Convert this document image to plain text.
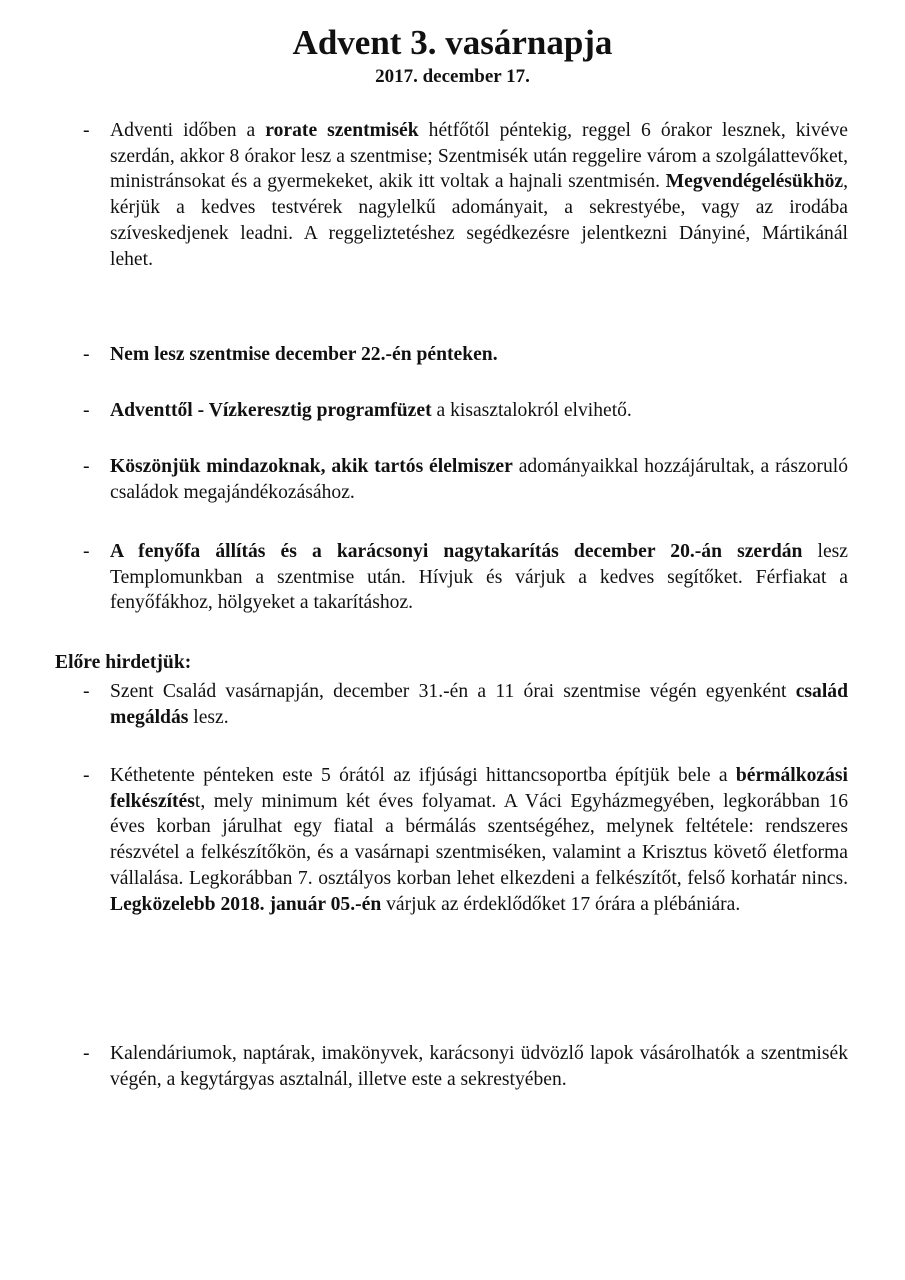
Advent 3. vasárnapja
2017. december 17.
- Adventi időben a rorate szentmisék hétfőtől péntekig, reggel 6 órakor lesznek, kivéve szerdán, akkor 8 órakor lesz a szentmise; Szentmisék után reggelire várom a szolgálattevőket, ministránsokat és a gyermekeket, akik itt voltak a hajnali szentmisén. Megvendégelésükhöz, kérjük a kedves testvérek nagylelkű adományait, a sekrestyébe, vagy az irodába szíveskedjenek leadni. A reggeliztetéshez segédkezésre jelentkezni Dányiné, Mártikánál lehet.
- Nem lesz szentmise december 22.-én pénteken.
- Adventtől - Vízkeresztig programfüzet a kisasztalokról elvihető.
- Köszönjük mindazoknak, akik tartós élelmiszer adományaikkal hozzájárultak, a rászoruló családok megajándékozásához.
- A fenyőfa állítás és a karácsonyi nagytakarítás december 20.-án szerdán lesz Templomunkban a szentmise után. Hívjuk és várjuk a kedves segítőket. Férfiakat a fenyőfákhoz, hölgyeket a takarításhoz.
Előre hirdetjük:
- Szent Család vasárnapján, december 31.-én a 11 órai szentmise végén egyenként család megáldás lesz.
- Kéthetente pénteken este 5 órától az ifjúsági hittancsoportba építjük bele a bérmálkozási felkészítést, mely minimum két éves folyamat. A Váci Egyházmegyében, legkorábban 16 éves korban járulhat egy fiatal a bérmálás szentségéhez, melynek feltétele: rendszeres részvétel a felkészítőkön, és a vasárnapi szentmiséken, valamint a Krisztus követő életforma vállalása. Legkorábban 7. osztályos korban lehet elkezdeni a felkészítőt, felső korhatár nincs. Legközelebb 2018. január 05.-én várjuk az érdeklődőket 17 órára a plébániára.
- Kalendáriumok, naptárak, imakönyvek, karácsonyi üdvözlő lapok vásárolhatók a szentmisék végén, a kegytárgyas asztalnál, illetve este a sekrestyében.
